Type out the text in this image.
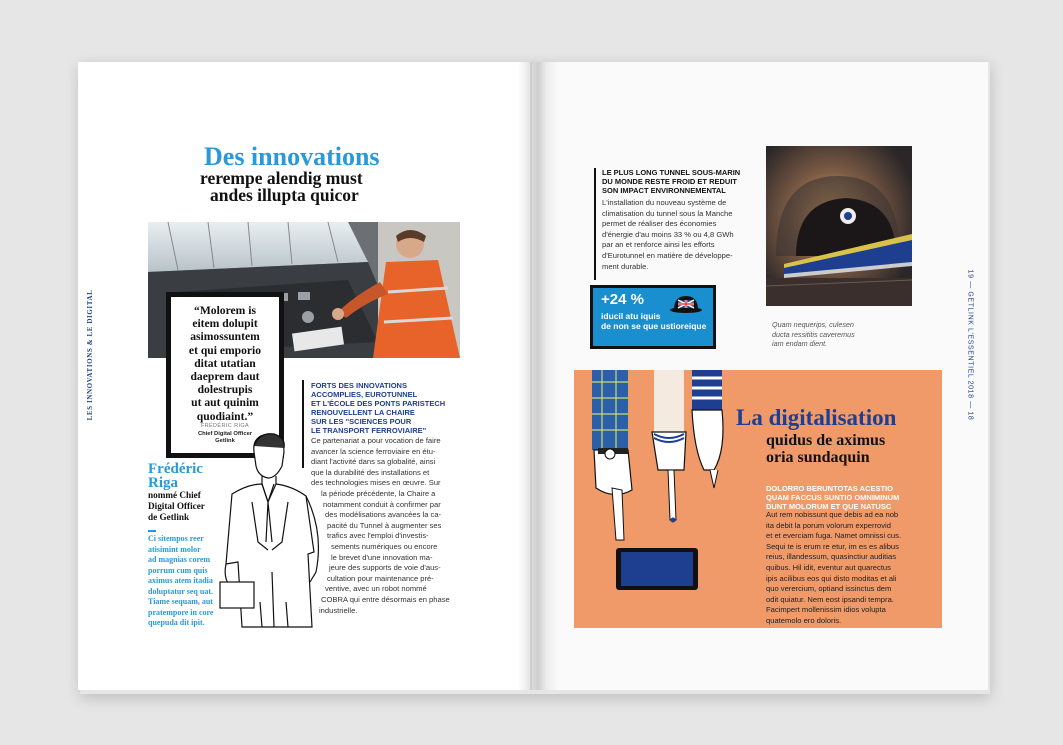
LES INNOVATIONS & LE DIGITAL
Des innovations
rerempe alendig must
andes illupta quicor
“Molorem is
eitem dolupit
asimossuntem
et qui emporio
ditat utatian
daeprem daut
dolestrupis
ut aut quinim
quodiaint.”
FRÉDÉRIC RIGA
Chief Digital Officer
Getlink
Frédéric
Riga
nommé Chief
Digital Officer
de Getlink
Ci sitempos reer
atisimint molor
ad magnias corem
porrum cum quis
aximus atem itadia
doluptatur seq uat.
Tiame sequam, aut
pratempore in core
quepuda dit ipit.
FORTS DES INNOVATIONS
ACCOMPLIES, EUROTUNNEL
ET L'ÉCOLE DES PONTS PARISTECH
RENOUVELLENT LA CHAIRE
SUR LES "SCIENCES POUR
LE TRANSPORT FERROVIAIRE"
Ce partenariat a pour vocation de faire
avancer la science ferroviaire en étu-
diant l'activité dans sa globalité, ainsi
que la durabilité des installations et
des technologies mises en œuvre. Sur
la période précédente, la Chaire a
notamment conduit à confirmer par
des modélisations avancées la ca-
pacité du Tunnel à augmenter ses
trafics avec l'emploi d'investis-
sements numériques ou encore
le brevet d'une innovation ma-
jeure des supports de voie d'aus-
cultation pour maintenance pré-
ventive, avec un robot nommé
COBRA qui entre désormais en phase
industrielle.
19 — GETLINK L'ESSENTIEL 2018 — 18
LE PLUS LONG TUNNEL SOUS-MARIN
DU MONDE RESTE FROID ET REDUIT
SON IMPACT ENVIRONNEMENTAL
L'installation du nouveau système de
climatisation du tunnel sous la Manche
permet de réaliser des économies
d'énergie d'au moins 33 % ou 4,8 GWh
par an et renforce ainsi les efforts
d'Eurotunnel en matière de développe-
ment durable.
+24 %
iducil atu iquis
de non se que ustioreique	Quam nequerips, culesen
ducta ressititis caveremus
iam endam dient.
La digitalisation
quidus de aximus
oria sundaquin
DOLORRO BERUNTOTAS ACESTIO
QUAM FACCUS SUNTIO OMNIMINUM
DUNT MOLORUM ET QUE NATUSC
Aut rem nobissunt que debis ad ea nob
ita debit la porum volorum experrovid
et et everciam fuga. Namet omnissi cus.
Sequi te is erum re etur, im es es alibus
reius, illandessum, quasinctiur auditias
quibus. Hil idit, eventur aut quarectus
ipis acilibus eos qui disto moditas et ali
quo verercium, optiand issinctus dem
odit quiatur. Nem eost ipsandi tempra.
Facimpert mollenissim idios volupta
quatemolo ero doloris.
